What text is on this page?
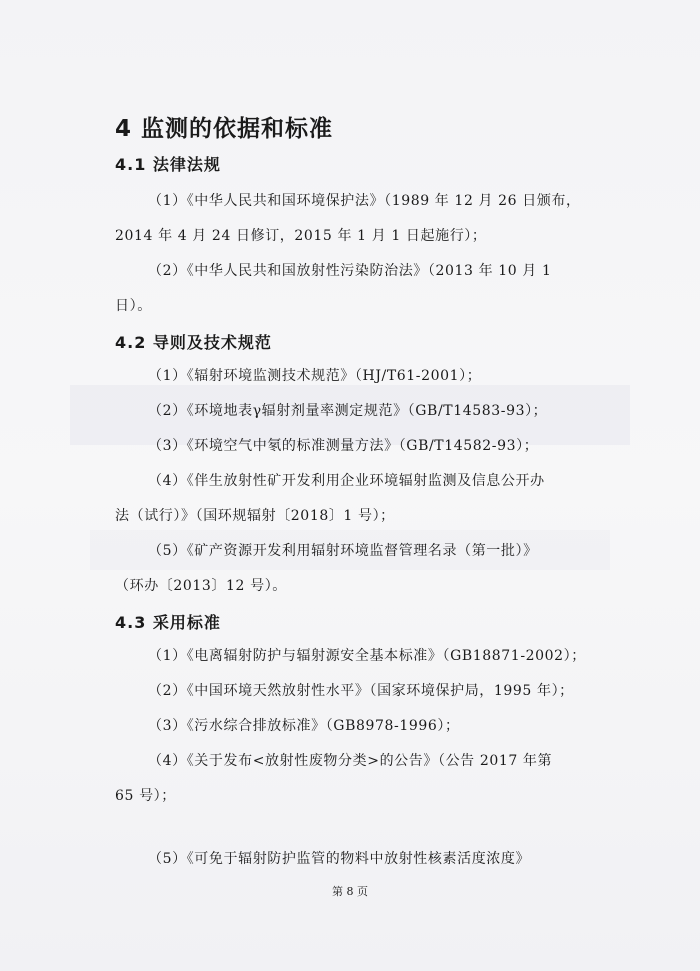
4 监测的依据和标准
4.1 法律法规
（1）《中华人民共和国环境保护法》（1989 年 12 月 26 日颁布，
2014 年 4 月 24 日修订，2015 年 1 月 1 日起施行）；
（2）《中华人民共和国放射性污染防治法》（2013 年 10 月 1
日）。
4.2 导则及技术规范
（1）《辐射环境监测技术规范》（HJ/T61-2001）；
（2）《环境地表γ辐射剂量率测定规范》（GB/T14583-93）；
（3）《环境空气中氡的标准测量方法》（GB/T14582-93）；
（4）《伴生放射性矿开发利用企业环境辐射监测及信息公开办
法（试行）》（国环规辐射〔2018〕1 号）；
（5）《矿产资源开发利用辐射环境监督管理名录（第一批）》
（环办〔2013〕12 号）。
4.3 采用标准
（1）《电离辐射防护与辐射源安全基本标准》（GB18871-2002）；
（2）《中国环境天然放射性水平》（国家环境保护局，1995 年）；
（3）《污水综合排放标准》（GB8978-1996）；
（4）《关于发布<放射性废物分类>的公告》（公告 2017 年第
65 号）；
（5）《可免于辐射防护监管的物料中放射性核素活度浓度》
第 8 页
